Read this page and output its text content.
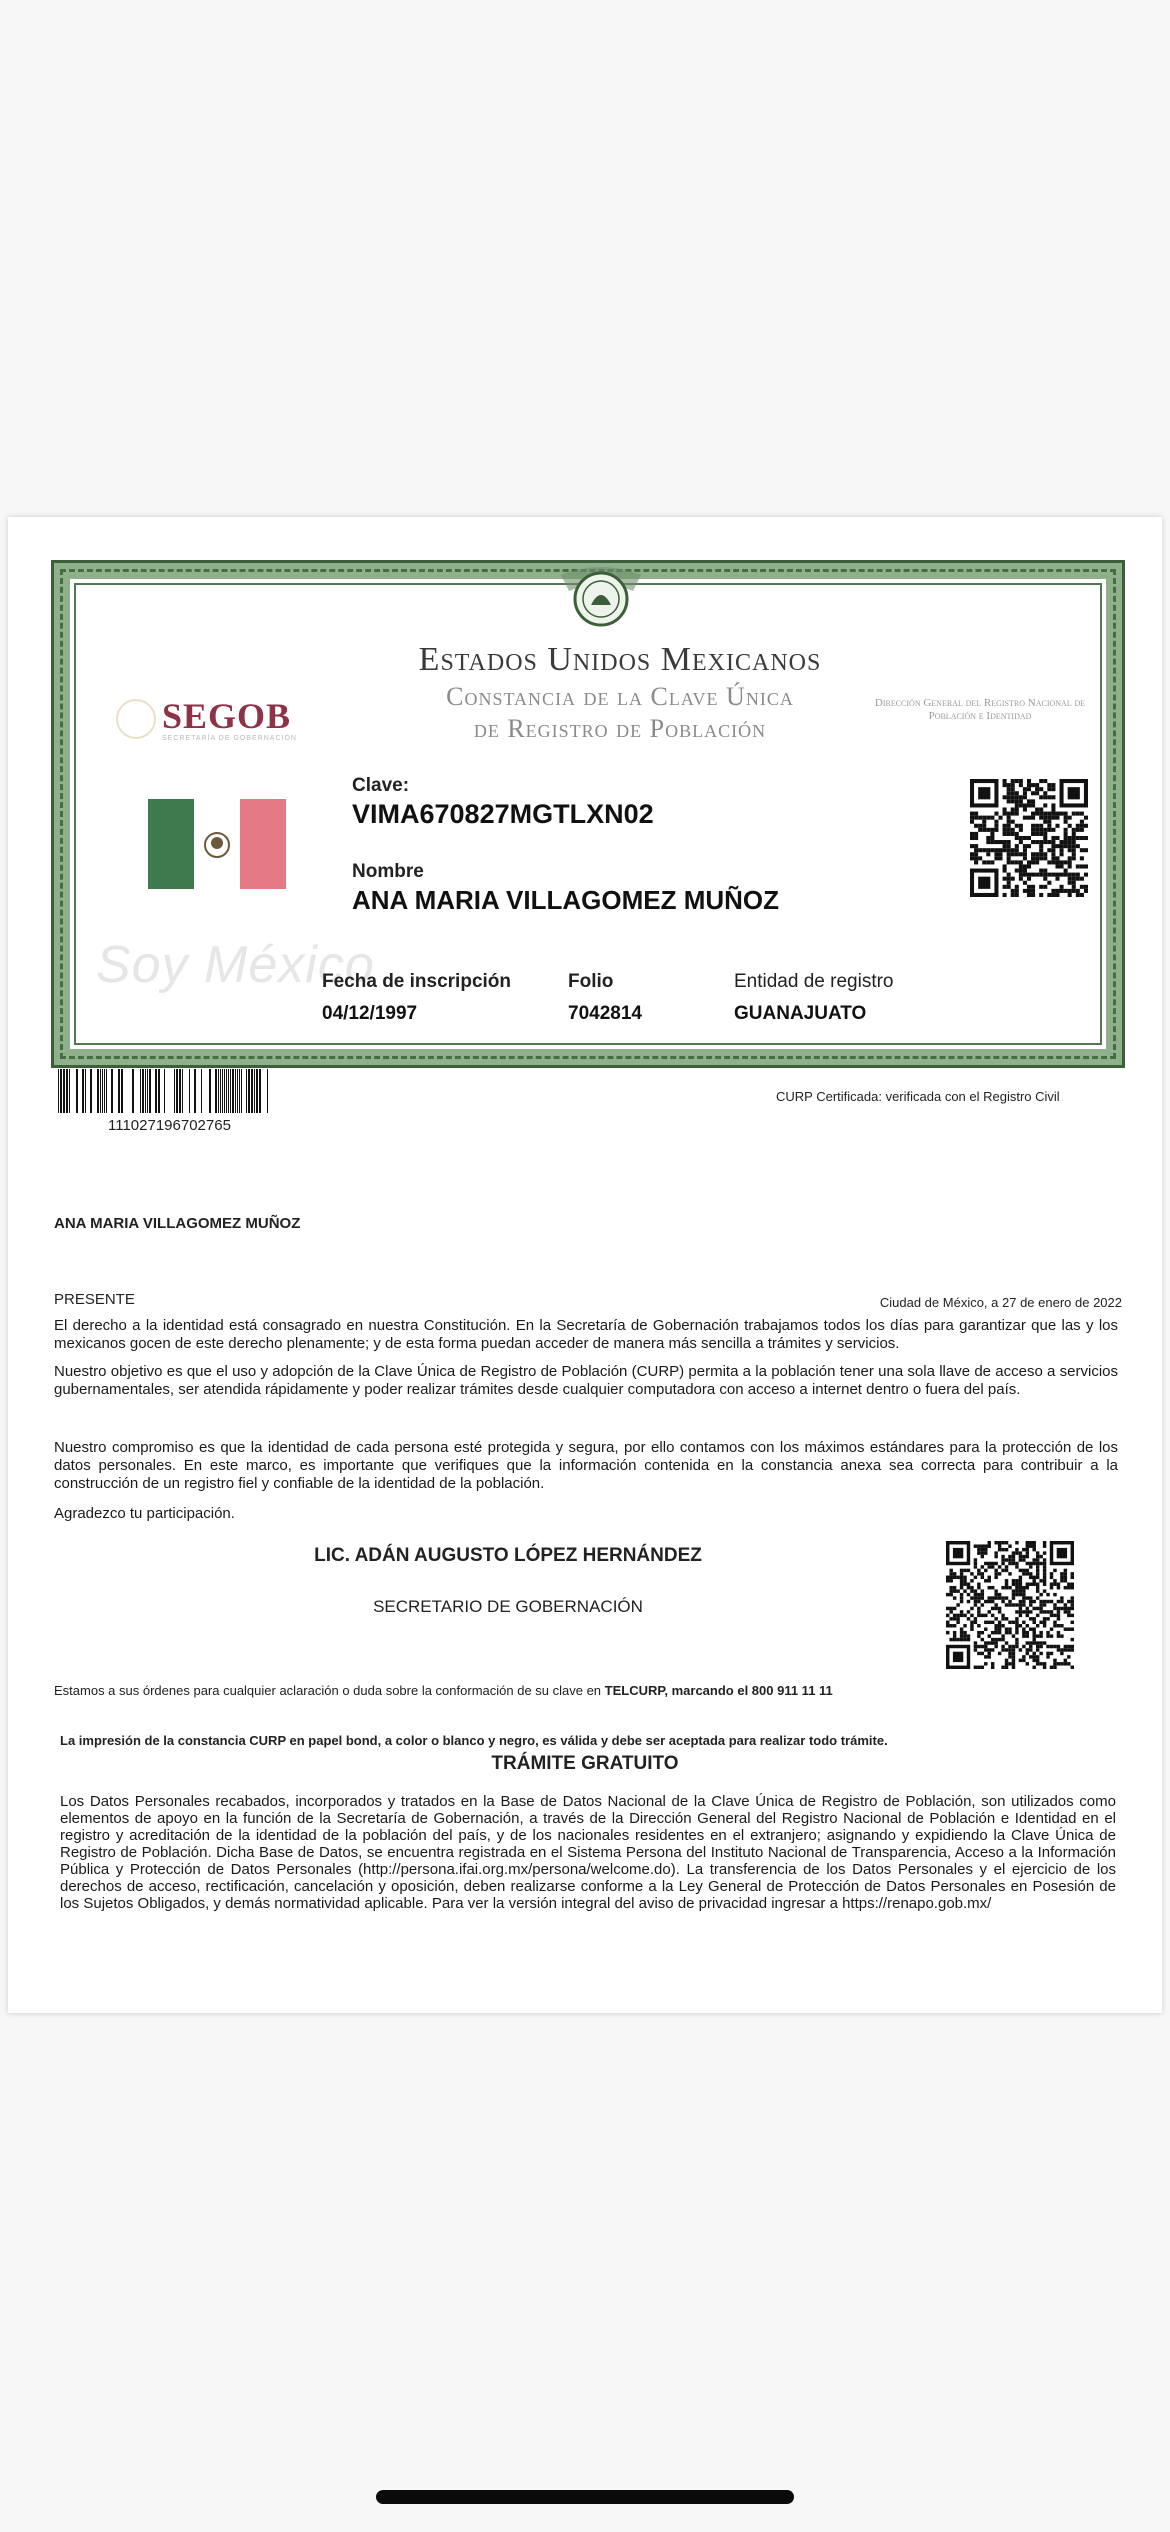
SEGOB
SECRETARÍA DE GOBERNACIÓN
Estados Unidos Mexicanos
Constancia de la Clave Única
de Registro de Población
Dirección General del Registro Nacional de Población e Identidad
Soy México
Clave:
VIMA670827MGTLXN02
Nombre
ANA MARIA VILLAGOMEZ MUÑOZ
Fecha de inscripción
04/12/1997
Folio
7042814
Entidad de registro
GUANAJUATO
111027196702765
CURP Certificada: verificada con el Registro Civil
ANA MARIA VILLAGOMEZ MUÑOZ
PRESENTE	Ciudad de México, a 27 de enero de 2022
El derecho a la identidad está consagrado en nuestra Constitución. En la Secretaría de Gobernación trabajamos todos los días para garantizar que las y los mexicanos gocen de este derecho plenamente; y de esta forma puedan acceder de manera más sencilla a trámites y servicios.
Nuestro objetivo es que el uso y adopción de la Clave Única de Registro de Población (CURP) permita a la población tener una sola llave de acceso a servicios gubernamentales, ser atendida rápidamente y poder realizar trámites desde cualquier computadora con acceso a internet dentro o fuera del país.
Nuestro compromiso es que la identidad de cada persona esté protegida y segura, por ello contamos con los máximos estándares para la protección de los datos personales. En este marco, es importante que verifiques que la información contenida en la constancia anexa sea correcta para contribuir a la construcción de un registro fiel y confiable de la identidad de la población.
Agradezco tu participación.
LIC. ADÁN AUGUSTO LÓPEZ HERNÁNDEZ
SECRETARIO DE GOBERNACIÓN
Estamos a sus órdenes para cualquier aclaración o duda sobre la conformación de su clave en TELCURP, marcando el 800 911 11 11
La impresión de la constancia CURP en papel bond, a color o blanco y negro, es válida y debe ser aceptada para realizar todo trámite.
TRÁMITE GRATUITO
Los Datos Personales recabados, incorporados y tratados en la Base de Datos Nacional de la Clave Única de Registro de Población, son utilizados como elementos de apoyo en la función de la Secretaría de Gobernación, a través de la Dirección General del Registro Nacional de Población e Identidad en el registro y acreditación de la identidad de la población del país, y de los nacionales residentes en el extranjero; asignando y expidiendo la Clave Única de Registro de Población. Dicha Base de Datos, se encuentra registrada en el Sistema Persona del Instituto Nacional de Transparencia, Acceso a la Información Pública y Protección de Datos Personales (http://persona.ifai.org.mx/persona/welcome.do). La transferencia de los Datos Personales y el ejercicio de los derechos de acceso, rectificación, cancelación y oposición, deben realizarse conforme a la Ley General de Protección de Datos Personales en Posesión de los Sujetos Obligados, y demás normatividad aplicable. Para ver la versión integral del aviso de privacidad ingresar a https://renapo.gob.mx/
